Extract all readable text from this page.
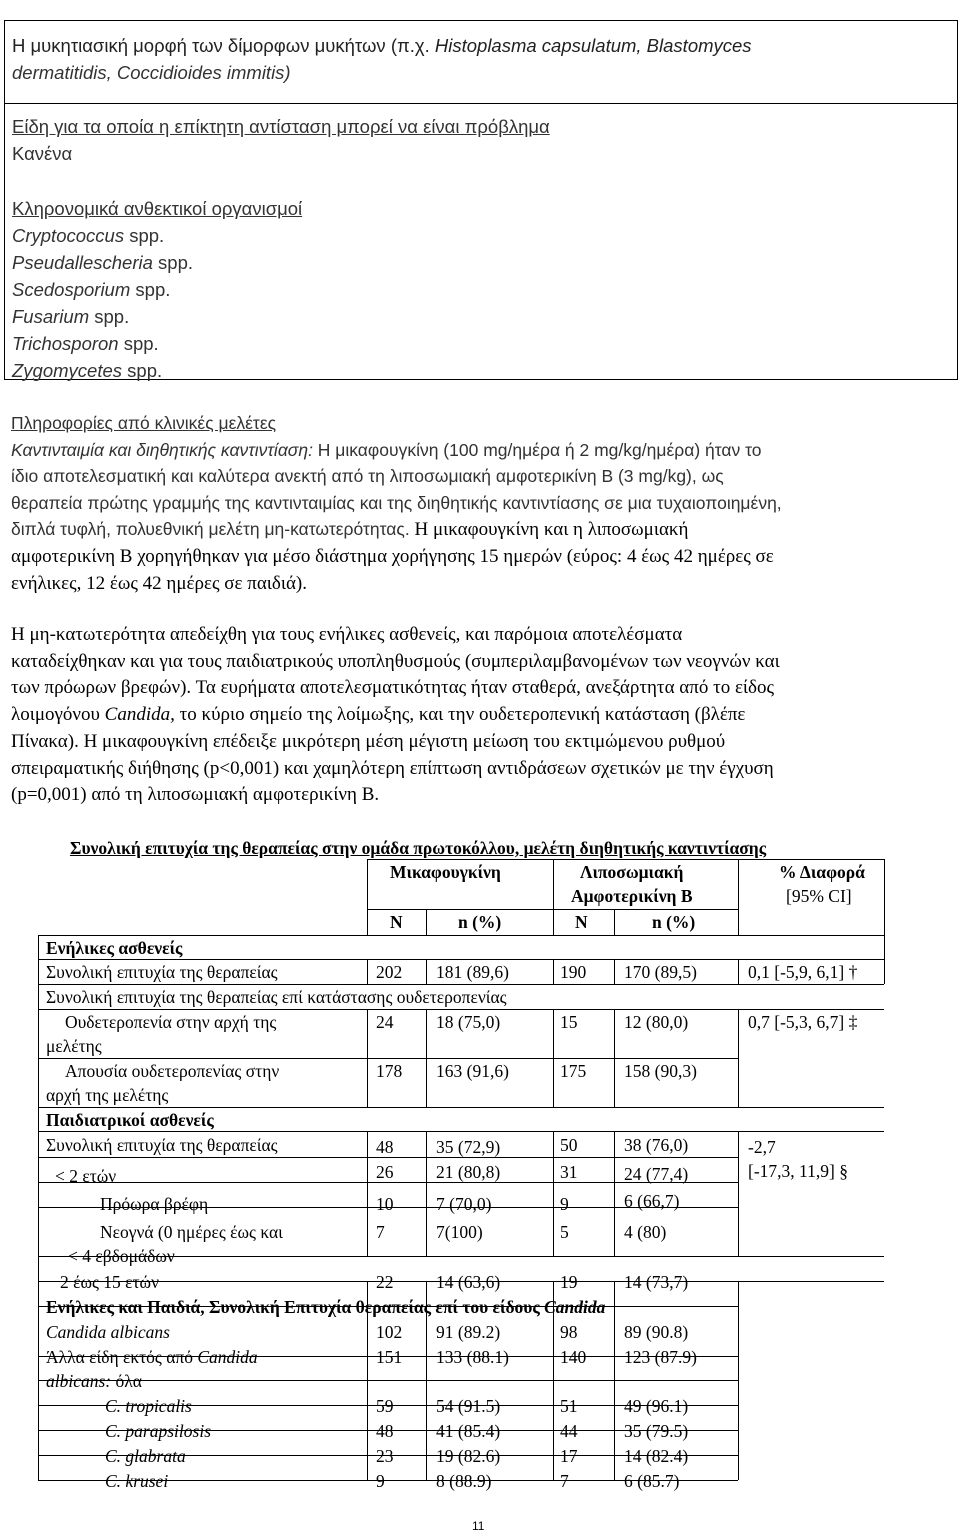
Η μυκητιασική μορφή των δίμορφων μυκήτων (π.χ. Histoplasma capsulatum, Blastomyces
dermatitidis, Coccidioides immitis)
Είδη για τα οποία η επίκτητη αντίσταση μπορεί να είναι πρόβλημα
Κανένα
Κληρονομικά ανθεκτικοί οργανισμοί
Cryptococcus spp.
Pseudallescheria spp.
Scedosporium spp.
Fusarium spp.
Trichosporon spp.
Zygomycetes spp.
Πληροφορίες από κλινικές μελέτες
Καντινταιμία και διηθητικής καντιντίαση: Η μικαφουγκίνη (100 mg/ημέρα ή 2 mg/kg/ημέρα) ήταν το
ίδιο αποτελεσματική και καλύτερα ανεκτή από τη λιποσωμιακή αμφοτερικίνη Β (3 mg/kg), ως
θεραπεία πρώτης γραμμής της καντινταιμίας και της διηθητικής καντιντίασης σε μια τυχαιοποιημένη,
διπλά τυφλή, πολυεθνική μελέτη μη-κατωτερότητας. Η μικαφουγκίνη και η λιποσωμιακή
αμφοτερικίνη Β χορηγήθηκαν για μέσο διάστημα χορήγησης 15 ημερών (εύρος: 4 έως 42 ημέρες σε
ενήλικες, 12 έως 42 ημέρες σε παιδιά).
Η μη-κατωτερότητα απεδείχθη για τους ενήλικες ασθενείς, και παρόμοια αποτελέσματα
καταδείχθηκαν και για τους παιδιατρικούς υποπληθυσμούς (συμπεριλαμβανομένων των νεογνών και
των πρόωρων βρεφών). Τα ευρήματα αποτελεσματικότητας ήταν σταθερά, ανεξάρτητα από το είδος
λοιμογόνου Candida, το κύριο σημείο της λοίμωξης, και την ουδετεροπενική κατάσταση (βλέπε
Πίνακα). Η μικαφουγκίνη επέδειξε μικρότερη μέση μέγιστη μείωση του εκτιμώμενου ρυθμού
σπειραματικής διήθησης (p<0,001) και χαμηλότερη επίπτωση αντιδράσεων σχετικών με την έγχυση
(p=0,001) από τη λιποσωμιακή αμφοτερικίνη Β.
Συνολική επιτυχία της θεραπείας στην ομάδα πρωτοκόλλου, μελέτη διηθητικής καντιντίασης
Μικαφουγκίνη	Λιποσωμιακή
Αμφοτερικίνη Β
% Διαφορά
[95% CI]
N	n (%)	N	n (%)
Ενήλικες ασθενείς
Συνολική επιτυχία της θεραπείας	202 181 (89,6)	190 170 (89,5)	0,1 [-5,9, 6,1] †
Συνολική επιτυχία της θεραπείας επί κατάστασης ουδετεροπενίας
Ουδετεροπενία στην αρχή της
μελέτης
24 18 (75,0)	15	12 (80,0)	0,7 [-5,3, 6,7] ‡
Απουσία ουδετεροπενίας στην
αρχή της μελέτης
178 163 (91,6)	175 158 (90,3)
Παιδιατρικοί ασθενείς
Συνολική επιτυχία της θεραπείας	48 35 (72,9)	50	38 (76,0)	-2,7
[-17,3, 11,9] §
< 2 ετών	26 21 (80,8)	31	24 (77,4)
Πρόωρα βρέφη	10 7 (70,0)	9	6 (66,7)
Νεογνά (0 ημέρες έως και
< 4 εβδομάδων
7	7(100)	5	4 (80)
2 έως 15 ετών	22 14 (63,6)	19	14 (73,7)
Ενήλικες και Παιδιά, Συνολική Επιτυχία θεραπείας επί του είδους Candida
Candida albicans	102 91 (89.2)	98	89 (90.8)
Άλλα είδη εκτός από Candida
albicans: όλα
151 133 (88.1)	140 123 (87.9)
C. tropicalis	59 54 (91.5)	51	49 (96.1)
C. parapsilosis	48 41 (85.4)	44	35 (79.5)
C. glabrata	23 19 (82.6)	17	14 (82.4)
C. krusei	9	8 (88.9)	7	6 (85.7)
11
